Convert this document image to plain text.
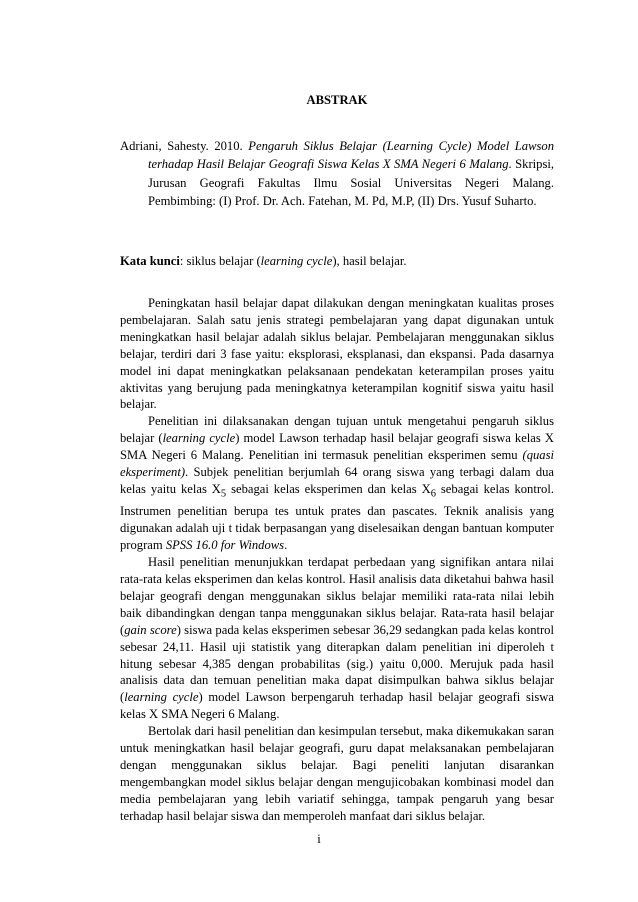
ABSTRAK
Adriani, Sahesty. 2010. Pengaruh Siklus Belajar (Learning Cycle) Model Lawson terhadap Hasil Belajar Geografi Siswa Kelas X SMA Negeri 6 Malang. Skripsi, Jurusan Geografi Fakultas Ilmu Sosial Universitas Negeri Malang. Pembimbing: (I) Prof. Dr. Ach. Fatehan, M. Pd, M.P, (II) Drs. Yusuf Suharto.
Kata kunci: siklus belajar (learning cycle), hasil belajar.

Peningkatan hasil belajar dapat dilakukan dengan meningkatan kualitas proses pembelajaran. Salah satu jenis strategi pembelajaran yang dapat digunakan untuk meningkatkan hasil belajar adalah siklus belajar. Pembelajaran menggunakan siklus belajar, terdiri dari 3 fase yaitu: eksplorasi, eksplanasi, dan ekspansi. Pada dasarnya model ini dapat meningkatkan pelaksanaan pendekatan keterampilan proses yaitu aktivitas yang berujung pada meningkatnya keterampilan kognitif siswa yaitu hasil belajar.

Penelitian ini dilaksanakan dengan tujuan untuk mengetahui pengaruh siklus belajar (learning cycle) model Lawson terhadap hasil belajar geografi siswa kelas X SMA Negeri 6 Malang. Penelitian ini termasuk penelitian eksperimen semu (quasi eksperiment). Subjek penelitian berjumlah 64 orang siswa yang terbagi dalam dua kelas yaitu kelas $X_5$ sebagai kelas eksperimen dan kelas $X_6$ sebagai kelas kontrol. Instrumen penelitian berupa tes untuk prates dan pascates. Teknik analisis yang digunakan adalah uji t tidak berpasangan yang diselesaikan dengan bantuan komputer program SPSS 16.0 for Windows.

Hasil penelitian menunjukkan terdapat perbedaan yang signifikan antara nilai rata-rata kelas eksperimen dan kelas kontrol. Hasil analisis data diketahui bahwa hasil belajar geografi dengan menggunakan siklus belajar memiliki rata-rata nilai lebih baik dibandingkan dengan tanpa menggunakan siklus belajar. Rata-rata hasil belajar (gain score) siswa pada kelas eksperimen sebesar 36,29 sedangkan pada kelas kontrol sebesar 24,11. Hasil uji statistik yang diterapkan dalam penelitian ini diperoleh t hitung sebesar 4,385 dengan probabilitas (sig.) yaitu 0,000. Merujuk pada hasil analisis data dan temuan penelitian maka dapat disimpulkan bahwa siklus belajar (learning cycle) model Lawson berpengaruh terhadap hasil belajar geografi siswa kelas X SMA Negeri 6 Malang.

Bertolak dari hasil penelitian dan kesimpulan tersebut, maka dikemukakan saran untuk meningkatkan hasil belajar geografi, guru dapat melaksanakan pembelajaran dengan menggunakan siklus belajar. Bagi peneliti lanjutan disarankan mengembangkan model siklus belajar dengan mengujicobakan kombinasi model dan media pembelajaran yang lebih variatif sehingga, tampak pengaruh yang besar terhadap hasil belajar siswa dan memperoleh manfaat dari siklus belajar.

i
